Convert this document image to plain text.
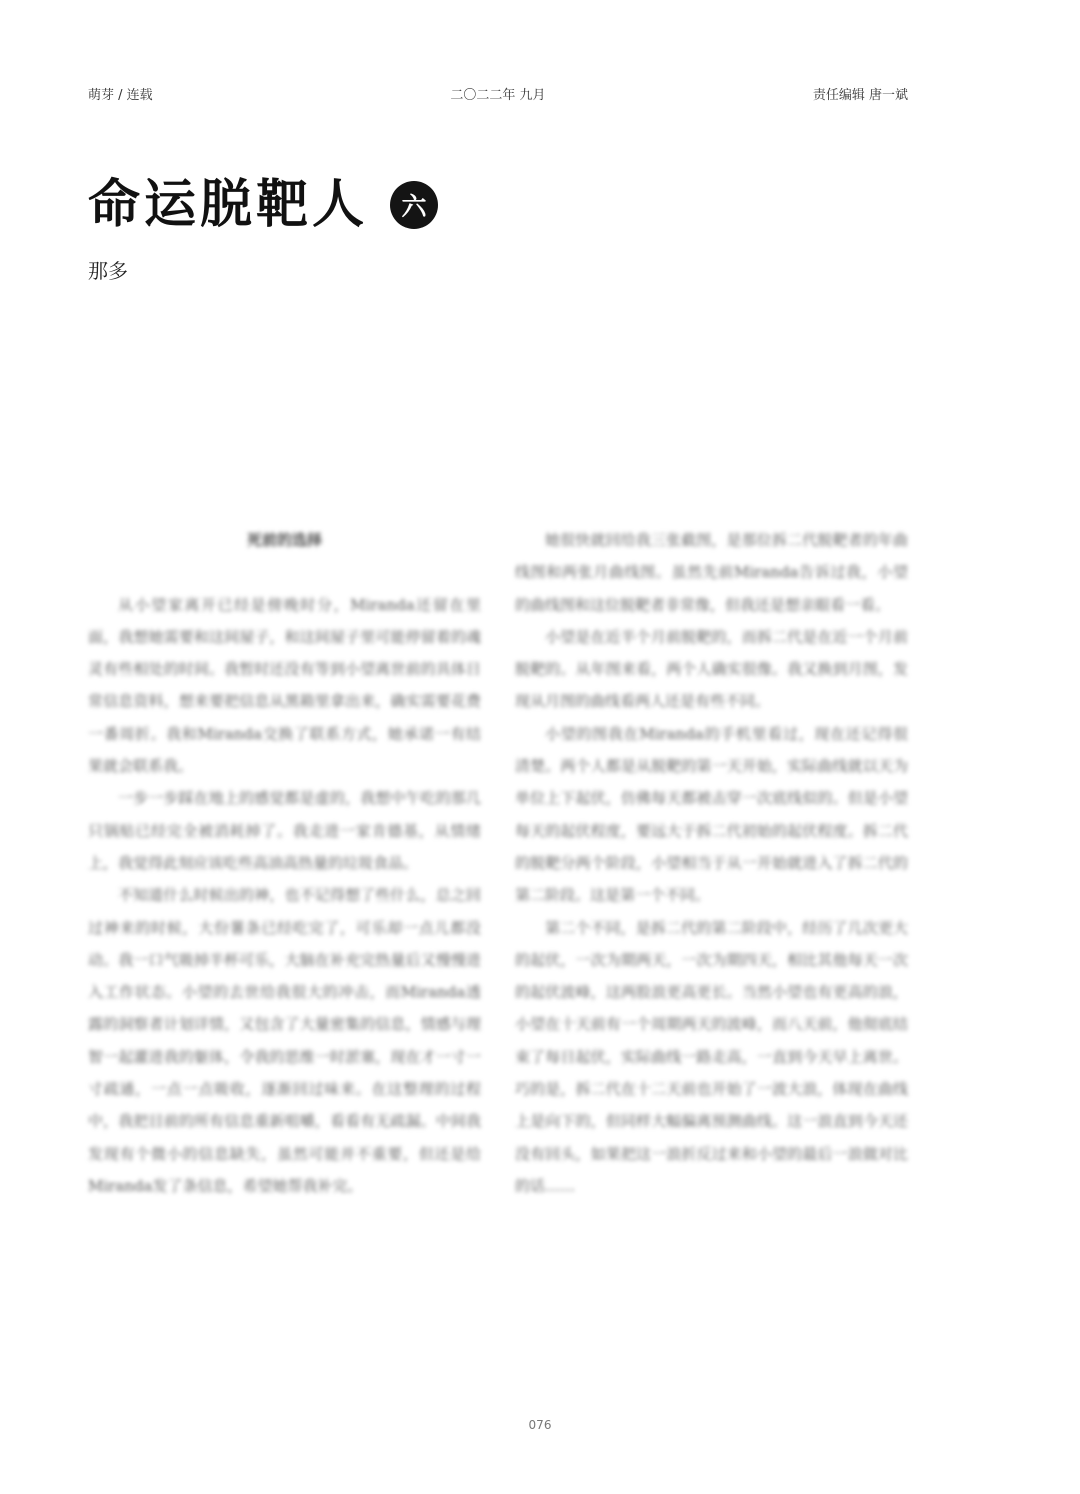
萌芽 / 连载	二〇二二年 九月	责任编辑 唐一斌
命运脱靶人	六
那多
死前的选择

从小望家离开已经是傍晚时分，Miranda还留在里面，我想她需要和这间屋子，和这间屋子里可能停留着的魂灵有些相处的时间。我暂时还没有等到小望离世前的具体日常信息资料，想来要把信息从黑箱里拿出来，确实需要花费一番周折。我和Miranda交换了联系方式，她承诺一有结果就会联系我。

一步一步踩在地上的感觉都是虚的，我想中午吃的那几只锅贴已经完全被消耗掉了。我走进一家肯德基，从情绪上，我觉得此刻应该吃些高油高热量的垃圾食品。

不知道什么时候出的神，也不记得想了些什么，总之回过神来的时候，大份薯条已经吃完了，可乐却一点儿都没动。我一口气吸掉半杯可乐，大脑在补充完热量后又慢慢进入工作状态。小望的去世给我很大的冲击，而Miranda透露的洞察者计划详情，又包含了大量密集的信息，情感与理智一起灌进我的躯体，令我的思维一时淤塞，现在才一寸一寸疏通，一点一点吸收，逐渐回过味来。在这整理的过程中，我把目前的所有信息重新咀嚼，看看有无疏漏。中间我发现有个微小的信息缺失，虽然可能并不重要，但还是给Miranda发了条信息，希望她帮我补完。

她很快就回给我三张截图，是那位拆二代脱靶者的年曲线图和两张月曲线图。虽然先前Miranda告诉过我，小望的曲线图和这位脱靶者非常像，但我还是想亲眼看一看。

小望是在近半个月前脱靶的，而拆二代是在近一个月前脱靶的。从年图来看，两个人确实很像。我又换到月图，发现从月图的曲线看两人还是有些不同。

小望的图我在Miranda的手机里看过，现在还记得很清楚。两个人都是从脱靶的第一天开始，实际曲线就以天为单位上下起伏，仿佛每天都被击穿一次底线似的。但是小望每天的起伏程度，要远大于拆二代初始的起伏程度。拆二代的脱靶分两个阶段，小望相当于从一开始就进入了拆二代的第二阶段。这是第一个不同。

第二个不同，是拆二代的第二阶段中，经历了几次更大的起伏，一次为期两天，一次为期四天，相比其他每天一次的起伏波峰，这两股浪更高更长。当然小望也有更高的浪，小望在十天前有一个周期两天的波峰，而八天前，他彻底结束了每日起伏，实际曲线一路走高，一直到今天早上离世。巧的是，拆二代在十二天前也开始了一波大浪，体现在曲线上是向下的，但同样大幅偏离预测曲线。这一浪直到今天还没有回头，如果把这一浪折反过来和小望的最后一浪做对比的话……

076
